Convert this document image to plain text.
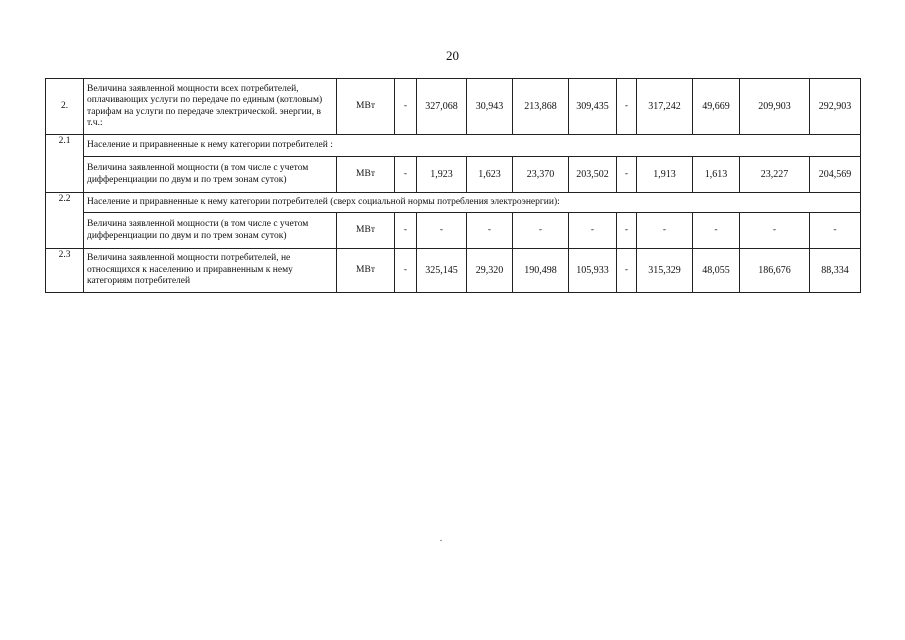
20
2.	Величина заявленной мощности всех потребителей, оплачивающих услуги по передаче по единым (котловым) тарифам на услуги по передаче электрической. энергии, в т.ч.:	МВт	-	327,068	30,943	213,868	309,435	-	317,242	49,669	209,903	292,903
2.1	Население и приравненные к нему категории потребителей :											
	Величина заявленной мощности (в том числе с учетом дифференциации по двум и по трем зонам суток)	МВт	-	1,923	1,623	23,370	203,502	-	1,913	1,613	23,227	204,569
2.2	Население и приравненные к нему категории потребителей (сверх социальной нормы потребления электроэнергии):											
	Величина заявленной мощности (в том числе с учетом дифференциации по двум и по трем зонам суток)	МВт	-	-	-	-	-	-	-	-	-	-
2.3	Величина заявленной мощности потребителей, не относящихся к населению и приравненным к нему категориям потребителей	МВт	-	325,145	29,320	190,498	105,933	-	315,329	48,055	186,676	88,334
